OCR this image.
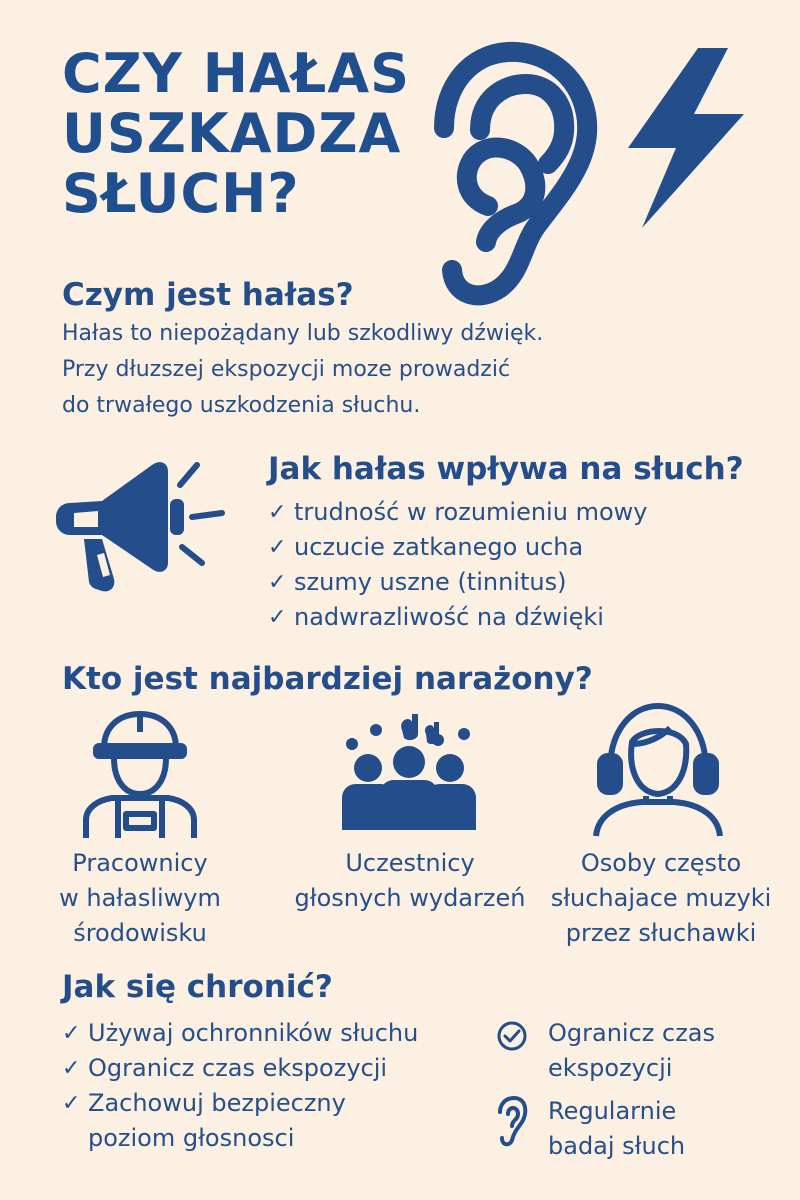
CZY HAŁAS
USZKADZA
SŁUCH?
Czym jest hałas?
Hałas to niepożądany lub szkodliwy dźwięk.
Przy dłuzszej ekspozycji moze prowadzić
do trwałego uszkodzenia słuchu.
Jak hałas wpływa na słuch?
✓ trudność w rozumieniu mowy
✓ uczucie zatkanego ucha
✓ szumy uszne (tinnitus)
✓ nadwrazliwość na dźwięki
Kto jest najbardziej narażony?
Pracownicy
w hałasliwym
środowisku
Uczestnicy
głosnych wydarzeń
Osoby często
słuchajace muzyki
przez słuchawki
Jak się chronić?
✓ Używaj ochronników słuchu
✓ Ogranicz czas ekspozycji
✓ Zachowuj bezpieczny
poziom głosnosci
Ogranicz czas
ekspozycji
Regularnie
badaj słuch
